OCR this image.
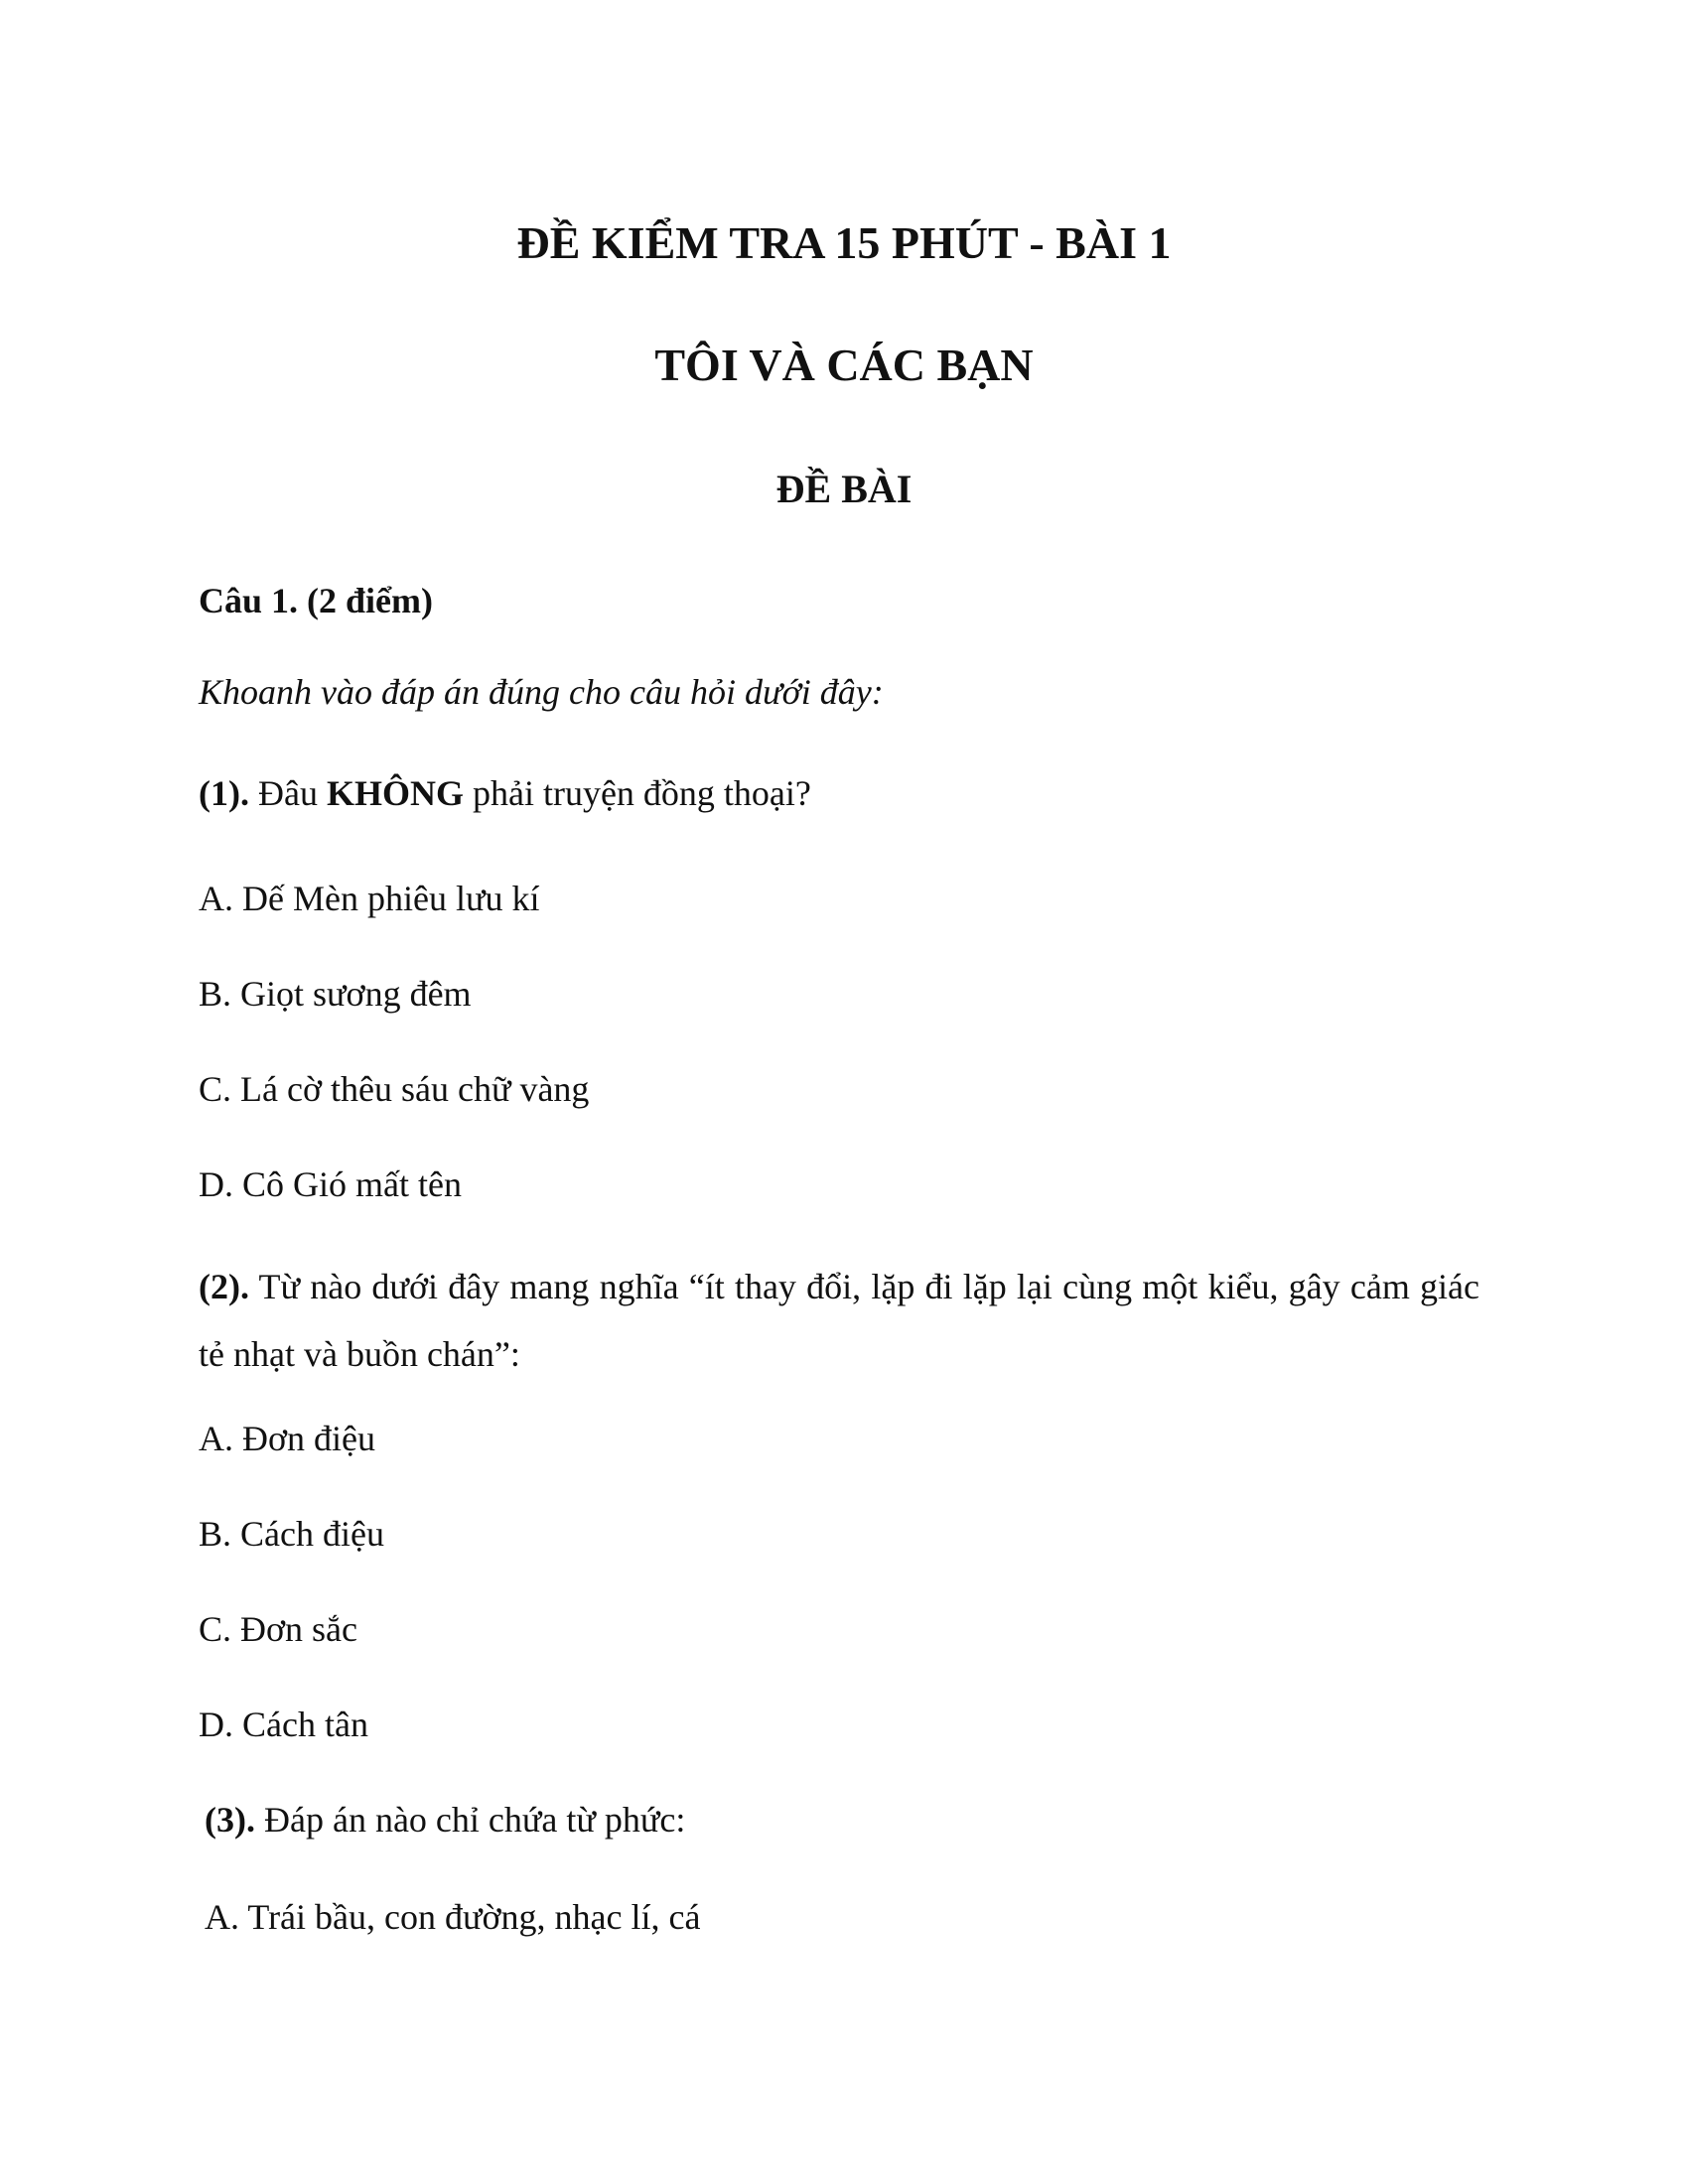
ĐỀ KIỂM TRA 15 PHÚT - BÀI 1
TÔI VÀ CÁC BẠN
ĐỀ BÀI
Câu 1. (2 điểm)
Khoanh vào đáp án đúng cho câu hỏi dưới đây:
(1). Đâu KHÔNG phải truyện đồng thoại?
A. Dế Mèn phiêu lưu kí
B. Giọt sương đêm
C. Lá cờ thêu sáu chữ vàng
D. Cô Gió mất tên
(2). Từ nào dưới đây mang nghĩa “ít thay đổi, lặp đi lặp lại cùng một kiểu, gây cảm giác tẻ nhạt và buồn chán”:
A. Đơn điệu
B. Cách điệu
C. Đơn sắc
D. Cách tân
(3). Đáp án nào chỉ chứa từ phức:
A. Trái bầu, con đường, nhạc lí, cá
